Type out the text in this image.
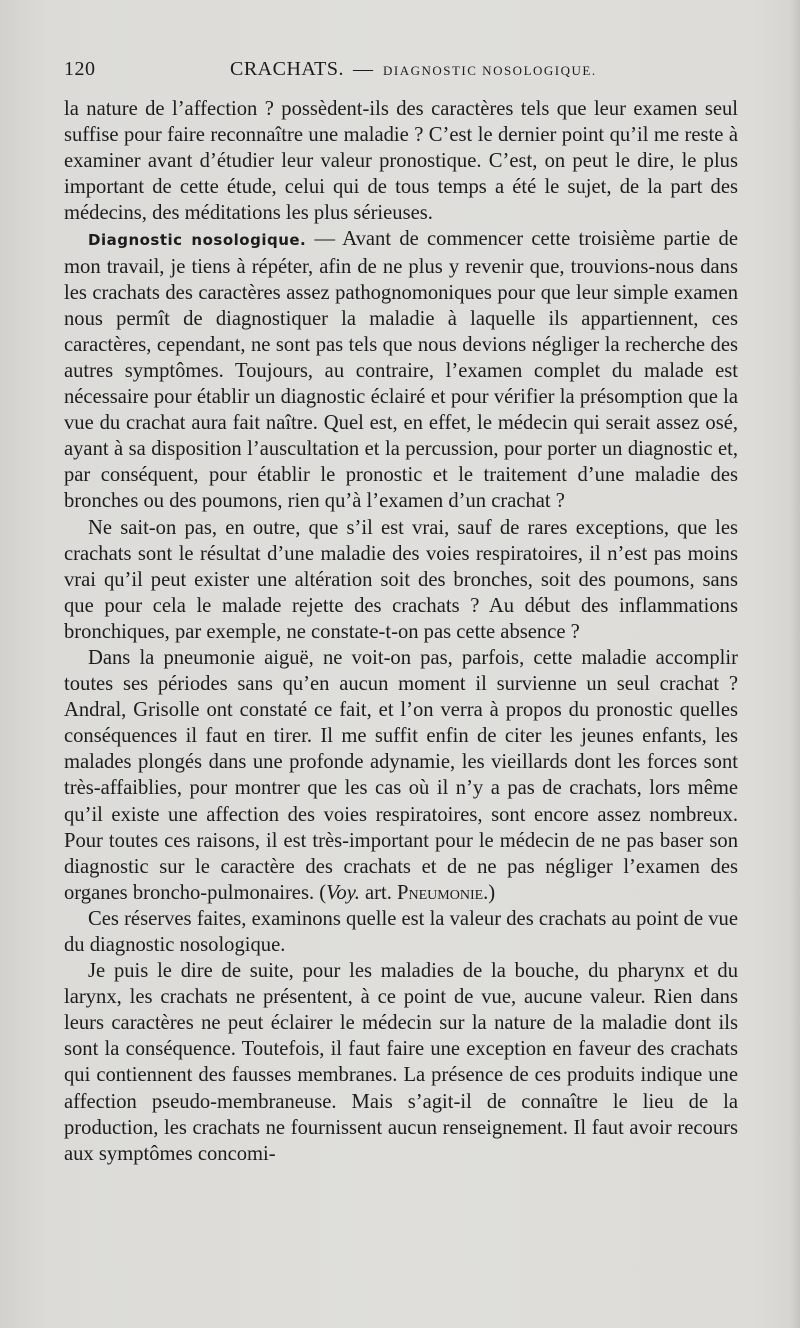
120	CRACHATS. — DIAGNOSTIC NOSOLOGIQUE.

la nature de l’affection ? possèdent-ils des caractères tels que leur examen seul suffise pour faire reconnaître une maladie ? C’est le dernier point qu’il me reste à examiner avant d’étudier leur valeur pronostique. C’est, on peut le dire, le plus important de cette étude, celui qui de tous temps a été le sujet, de la part des médecins, des méditations les plus sérieuses.

Diagnostic nosologique. — Avant de commencer cette troisième partie de mon travail, je tiens à répéter, afin de ne plus y revenir que, trouvions-nous dans les crachats des caractères assez pathognomoniques pour que leur simple examen nous permît de diagnostiquer la maladie à laquelle ils appartiennent, ces caractères, cependant, ne sont pas tels que nous devions négliger la recherche des autres symptômes. Toujours, au contraire, l’examen complet du malade est nécessaire pour établir un diagnostic éclairé et pour vérifier la présomption que la vue du crachat aura fait naître. Quel est, en effet, le médecin qui serait assez osé, ayant à sa disposition l’auscultation et la percussion, pour porter un diagnostic et, par conséquent, pour établir le pronostic et le traitement d’une maladie des bronches ou des poumons, rien qu’à l’examen d’un crachat ?

Ne sait-on pas, en outre, que s’il est vrai, sauf de rares exceptions, que les crachats sont le résultat d’une maladie des voies respiratoires, il n’est pas moins vrai qu’il peut exister une altération soit des bronches, soit des poumons, sans que pour cela le malade rejette des crachats ? Au début des inflammations bronchiques, par exemple, ne constate-t-on pas cette absence ?

Dans la pneumonie aiguë, ne voit-on pas, parfois, cette maladie accomplir toutes ses périodes sans qu’en aucun moment il survienne un seul crachat ? Andral, Grisolle ont constaté ce fait, et l’on verra à propos du pronostic quelles conséquences il faut en tirer. Il me suffit enfin de citer les jeunes enfants, les malades plongés dans une profonde adynamie, les vieillards dont les forces sont très-affaiblies, pour montrer que les cas où il n’y a pas de crachats, lors même qu’il existe une affection des voies respiratoires, sont encore assez nombreux. Pour toutes ces raisons, il est très-important pour le médecin de ne pas baser son diagnostic sur le caractère des crachats et de ne pas négliger l’examen des organes broncho-pulmonaires. (Voy. art. Pneumonie.)

Ces réserves faites, examinons quelle est la valeur des crachats au point de vue du diagnostic nosologique.

Je puis le dire de suite, pour les maladies de la bouche, du pharynx et du larynx, les crachats ne présentent, à ce point de vue, aucune valeur. Rien dans leurs caractères ne peut éclairer le médecin sur la nature de la maladie dont ils sont la conséquence. Toutefois, il faut faire une exception en faveur des crachats qui contiennent des fausses membranes. La présence de ces produits indique une affection pseudo-membraneuse. Mais s’agit-il de connaître le lieu de la production, les crachats ne fournissent aucun renseignement. Il faut avoir recours aux symptômes concomi-
